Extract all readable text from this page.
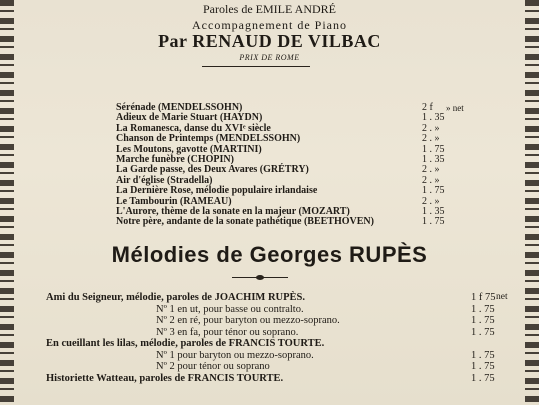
Paroles de EMILE ANDRÉ
Accompagnement de Piano
Par RENAUD DE VILBAC
PRIX DE ROME
Sérénade (MENDELSSOHN)	2 f » net
Adieux de Marie Stuart (HAYDN)	1 . 35
La Romanesca, danse du XVIᵉ siècle	2 . »
Chanson de Printemps (MENDELSSOHN)	2 . »
Les Moutons, gavotte (MARTINI)	1 . 75
Marche funèbre (CHOPIN)	1 . 35
La Garde passe, des Deux Avares (GRÉTRY)	2 . »
Air d'église (Stradella)	2 . »
La Dernière Rose, mélodie populaire irlandaise	1 . 75
Le Tambourin (RAMEAU)	2 . »
L'Aurore, thème de la sonate en la majeur (MOZART)	1 . 35
Notre père, andante de la sonate pathétique (BEETHOVEN)	1 . 75
Mélodies de Georges RUPÈS
Ami du Seigneur, mélodie, paroles de JOACHIM RUPÈS.	1 f 75 net
Nº 1 en ut, pour basse ou contralto.	1 . 75
Nº 2 en ré, pour baryton ou mezzo-soprano.	1 . 75
Nº 3 en fa, pour ténor ou soprano.	1 . 75
En cueillant les lilas, mélodie, paroles de FRANCIS TOURTE.
Nº 1 pour baryton ou mezzo-soprano.	1 . 75
Nº 2 pour ténor ou soprano	1 . 75
Historiette Watteau, paroles de FRANCIS TOURTE.	1 . 75
